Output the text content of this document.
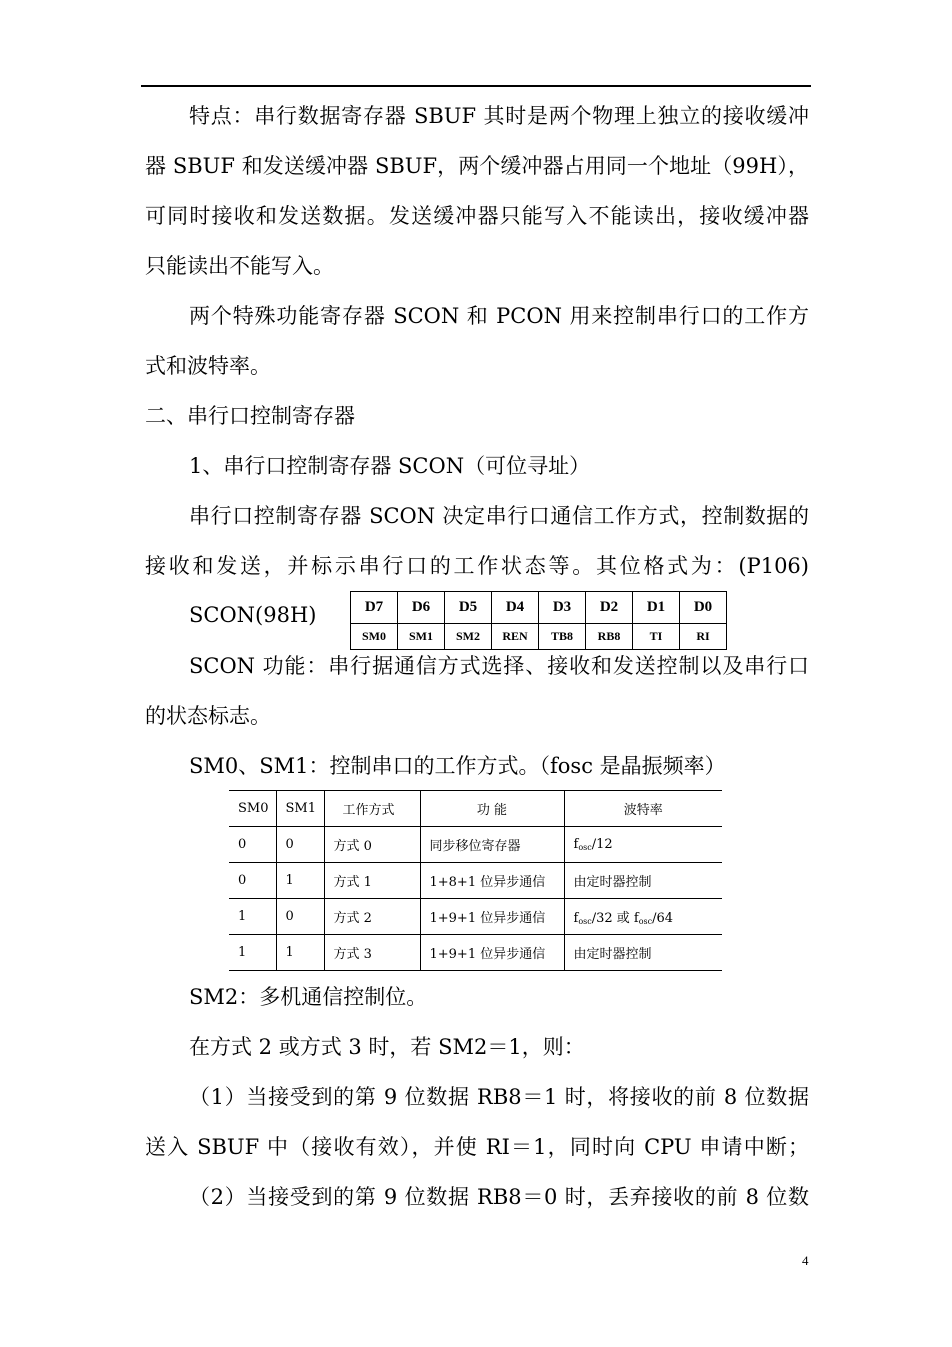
特点：串行数据寄存器 SBUF 其时是两个物理上独立的接收缓冲
器 SBUF 和发送缓冲器 SBUF，两个缓冲器占用同一个地址（99H），
可同时接收和发送数据。发送缓冲器只能写入不能读出，接收缓冲器
只能读出不能写入。
两个特殊功能寄存器 SCON 和 PCON 用来控制串行口的工作方
式和波特率。
二、串行口控制寄存器
1、串行口控制寄存器 SCON（可位寻址）
串行口控制寄存器 SCON 决定串行口通信工作方式，控制数据的
接收和发送，并标示串行口的工作状态等。其位格式为：(P106)
SCON(98H)	D7	D6	D5	D4	D3	D2	D1	D0
SM0	SM1	SM2	REN	TB8	RB8	TI	RI
SCON 功能：串行据通信方式选择、接收和发送控制以及串行口
的状态标志。
SM0、SM1：控制串口的工作方式。（fosc 是晶振频率）
SM0	SM1	工作方式	功 能	波特率
0	0	方式 0	同步移位寄存器	$f_{osc}/12$
0	1	方式 1	1+8+1 位异步通信	由定时器控制
1	0	方式 2	1+9+1 位异步通信	$f_{osc}/32$ 或 $f_{osc}/64$
1	1	方式 3	1+9+1 位异步通信	由定时器控制
SM2：多机通信控制位。
在方式 2 或方式 3 时，若 SM2＝1，则：
（1）当接受到的第 9 位数据 RB8＝1 时，将接收的前 8 位数据
送入 SBUF 中（接收有效），并使 RI＝1，同时向 CPU 申请中断；
（2）当接受到的第 9 位数据 RB8＝0 时，丢弃接收的前 8 位数
4
